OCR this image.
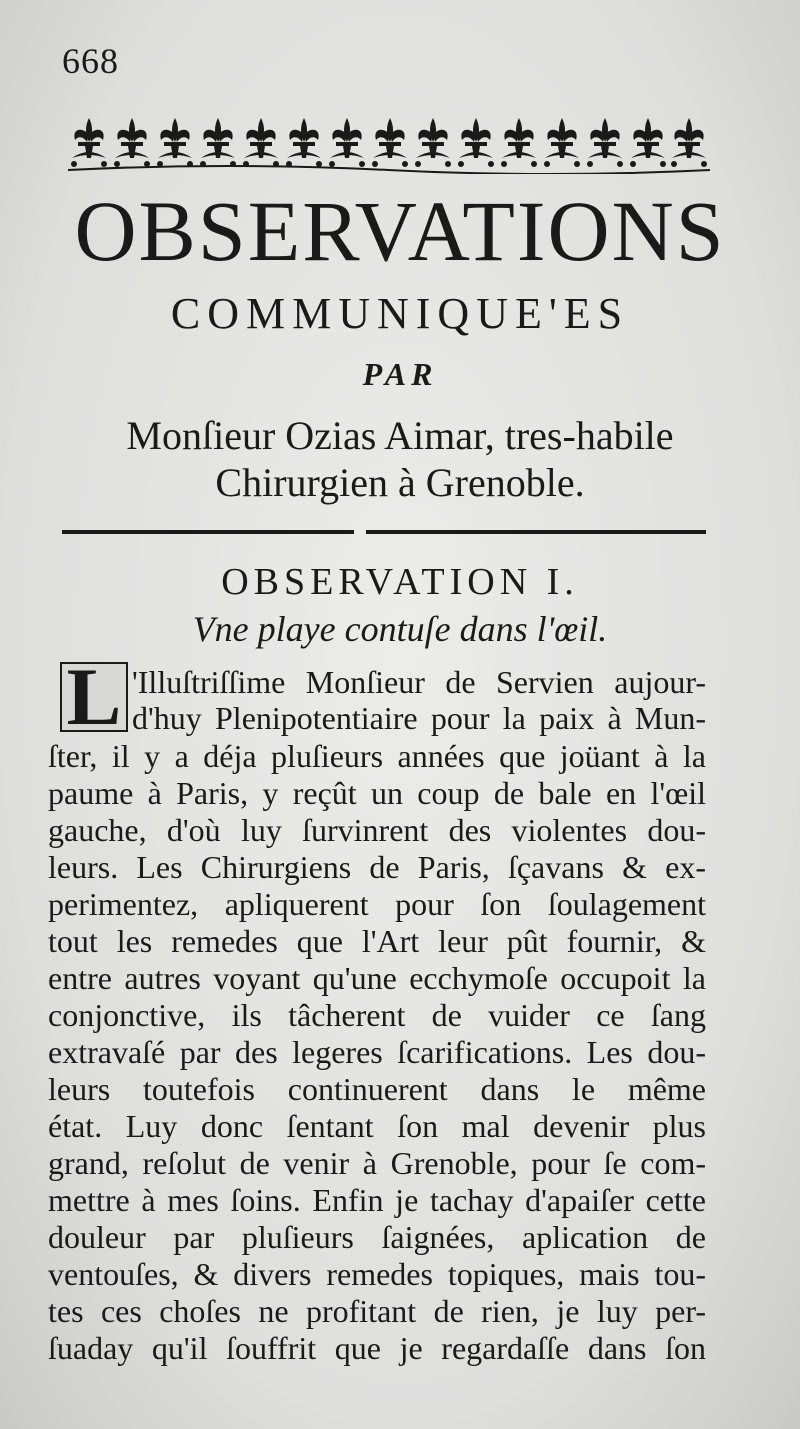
668
OBSERVATIONS
COMMUNIQUE'ES
PAR
Monſieur Ozias Aimar, tres-habile
Chirurgien à Grenoble.
OBSERVATION I.
Vne playe contuſe dans l'œil.
L 'Illuſtriſſime Monſieur de Servien aujour-
d'huy Plenipotentiaire pour la paix à Mun-
ſter, il y a déja pluſieurs années que joüant à la
paume à Paris, y reçût un coup de bale en l'œil
gauche, d'où luy ſurvinrent des violentes dou-
leurs. Les Chirurgiens de Paris, ſçavans & ex-
perimentez, apliquerent pour ſon ſoulagement
tout les remedes que l'Art leur pût fournir, &
entre autres voyant qu'une ecchymoſe occupoit la
conjonctive, ils tâcherent de vuider ce ſang
extravaſé par des legeres ſcarifications. Les dou-
leurs toutefois continuerent dans le même
état. Luy donc ſentant ſon mal devenir plus
grand, reſolut de venir à Grenoble, pour ſe com-
mettre à mes ſoins. Enfin je tachay d'apaiſer cette
douleur par pluſieurs ſaignées, aplication de
ventouſes, & divers remedes topiques, mais tou-
tes ces choſes ne profitant de rien, je luy per-
ſuaday qu'il ſouffrit que je regardaſſe dans ſon
